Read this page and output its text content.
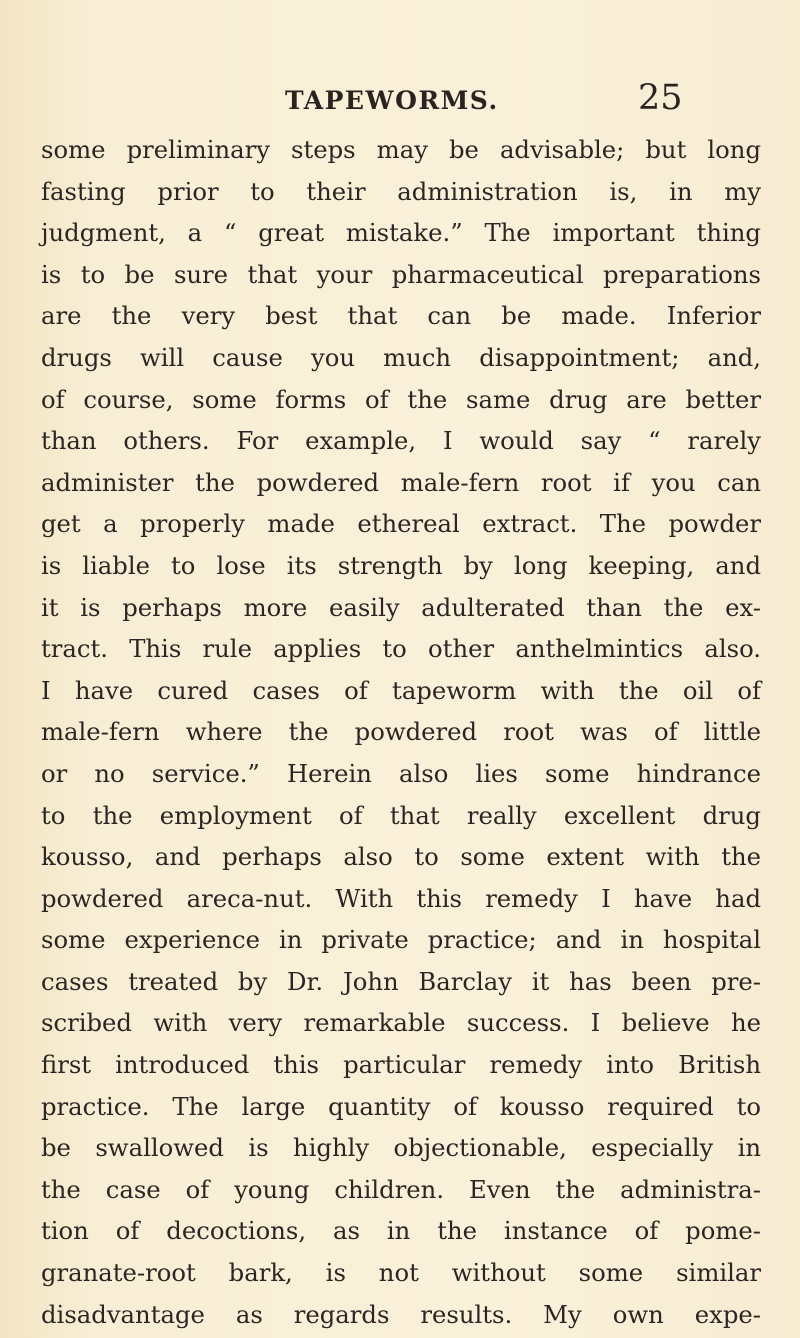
TAPEWORMS.	25
some preliminary steps may be advisable; but long
fasting prior to their administration is, in my
judgment, a “ great mistake.” The important thing
is to be sure that your pharmaceutical preparations
are the very best that can be made. Inferior
drugs will cause you much disappointment; and,
of course, some forms of the same drug are better
than others. For example, I would say “ rarely
administer the powdered male-fern root if you can
get a properly made ethereal extract. The powder
is liable to lose its strength by long keeping, and
it is perhaps more easily adulterated than the ex-
tract. This rule applies to other anthelmintics also.
I have cured cases of tapeworm with the oil of
male-fern where the powdered root was of little
or no service.” Herein also lies some hindrance
to the employment of that really excellent drug
kousso, and perhaps also to some extent with the
powdered areca-nut. With this remedy I have had
some experience in private practice; and in hospital
cases treated by Dr. John Barclay it has been pre-
scribed with very remarkable success. I believe he
first introduced this particular remedy into British
practice. The large quantity of kousso required to
be swallowed is highly objectionable, especially in
the case of young children. Even the administra-
tion of decoctions, as in the instance of pome-
granate-root bark, is not without some similar
disadvantage as regards results. My own expe-
